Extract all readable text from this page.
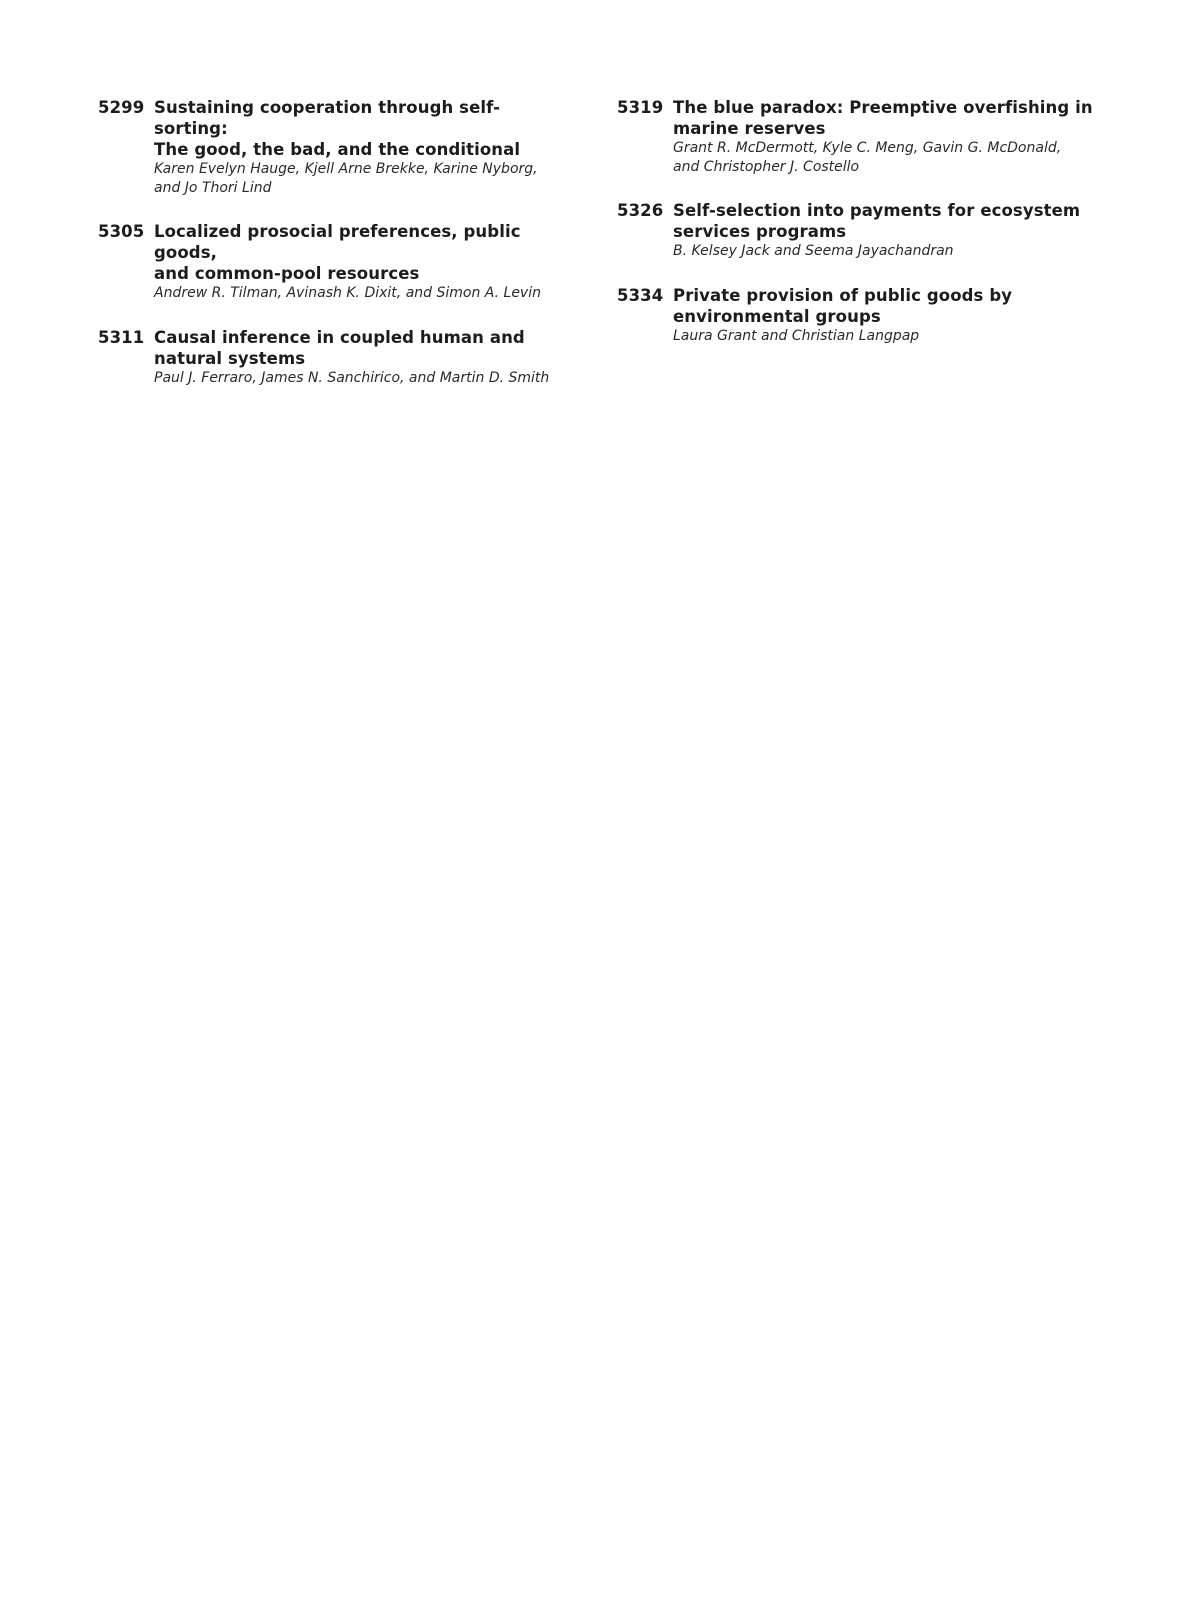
5299 Sustaining cooperation through self-sorting:
The good, the bad, and the conditional
Karen Evelyn Hauge, Kjell Arne Brekke, Karine Nyborg,
and Jo Thori Lind
5305 Localized prosocial preferences, public goods,
and common-pool resources
Andrew R. Tilman, Avinash K. Dixit, and Simon A. Levin
5311 Causal inference in coupled human and
natural systems
Paul J. Ferraro, James N. Sanchirico, and Martin D. Smith
5319 The blue paradox: Preemptive overfishing in
marine reserves
Grant R. McDermott, Kyle C. Meng, Gavin G. McDonald,
and Christopher J. Costello
5326 Self-selection into payments for ecosystem
services programs
B. Kelsey Jack and Seema Jayachandran
5334 Private provision of public goods by
environmental groups
Laura Grant and Christian Langpap
